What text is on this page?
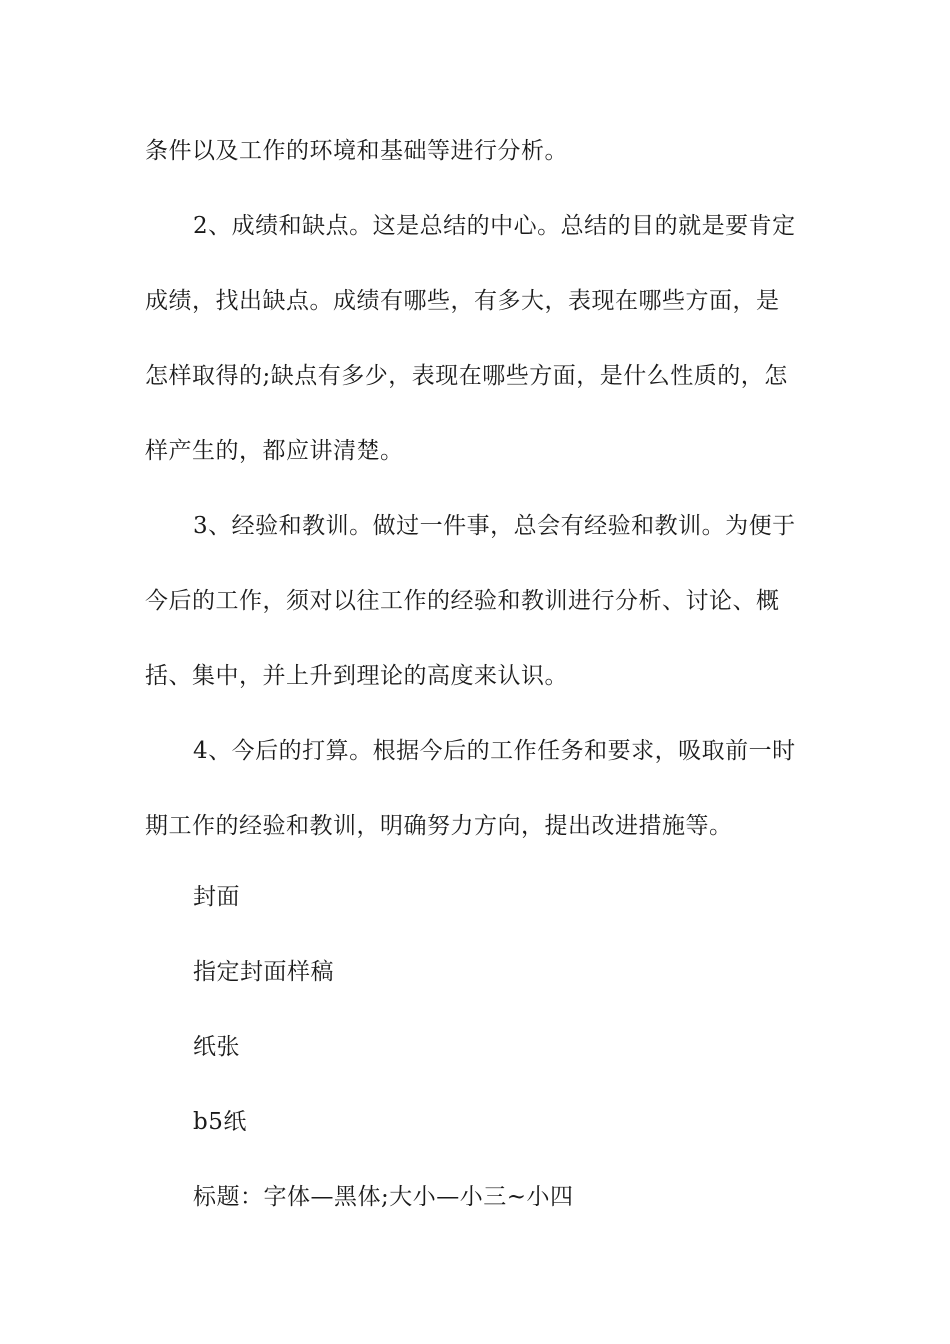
条件以及工作的环境和基础等进行分析。
2、成绩和缺点。这是总结的中心。总结的目的就是要肯定
成绩，找出缺点。成绩有哪些，有多大，表现在哪些方面，是
怎样取得的;缺点有多少，表现在哪些方面，是什么性质的，怎
样产生的，都应讲清楚。
3、经验和教训。做过一件事，总会有经验和教训。为便于
今后的工作，须对以往工作的经验和教训进行分析、讨论、概
括、集中，并上升到理论的高度来认识。
4、今后的打算。根据今后的工作任务和要求，吸取前一时
期工作的经验和教训，明确努力方向，提出改进措施等。
封面
指定封面样稿
纸张
b5纸
标题：字体—黑体;大小—小三~小四
